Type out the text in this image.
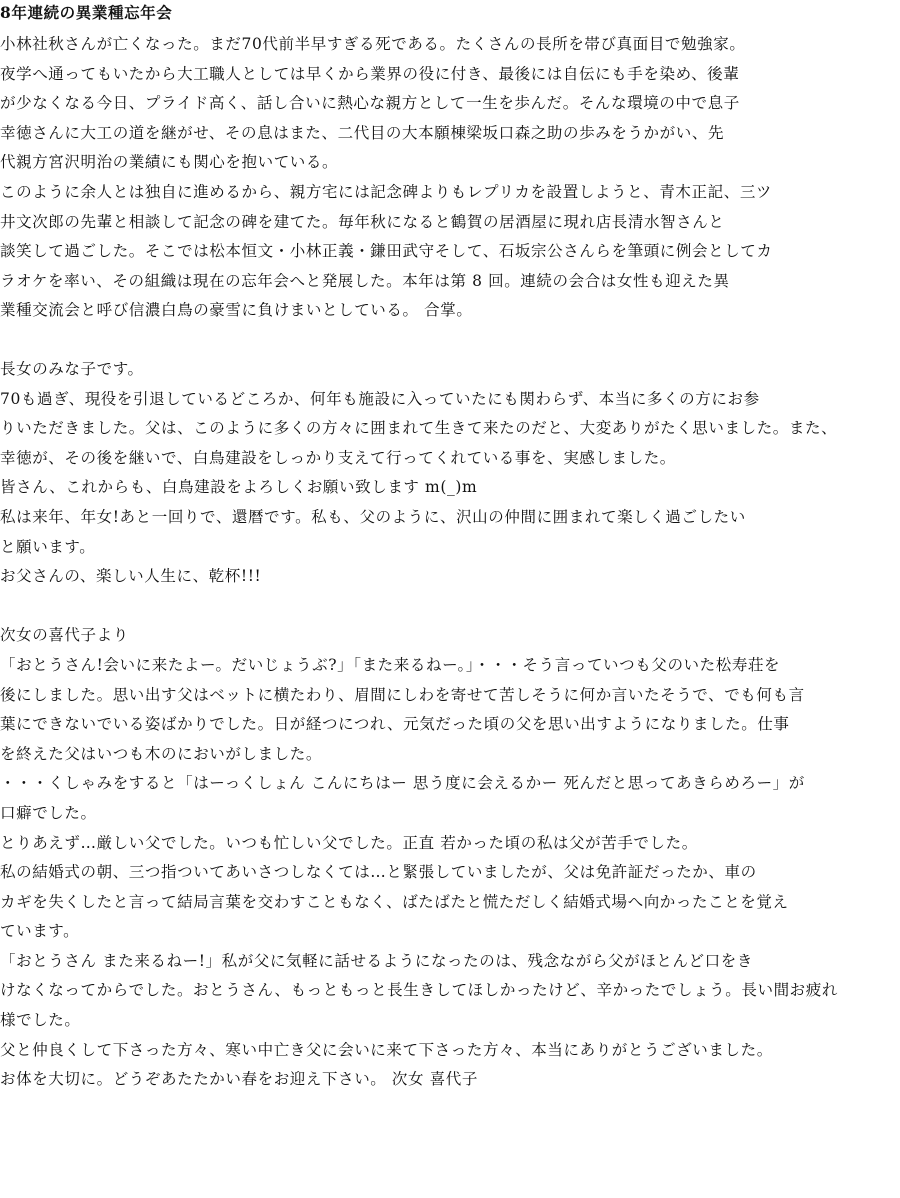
8年連続の異業種忘年会
小林社秋さんが亡くなった。まだ70代前半早すぎる死である。たくさんの長所を帯び真面目で勉強家。
夜学へ通ってもいたから大工職人としては早くから業界の役に付き、最後には自伝にも手を染め、後輩
が少なくなる今日、プライド高く、話し合いに熱心な親方として一生を歩んだ。そんな環境の中で息子
幸徳さんに大工の道を継がせ、その息はまた、二代目の大本願棟梁坂口森之助の歩みをうかがい、先
代親方宮沢明治の業績にも関心を抱いている。
このように余人とは独自に進めるから、親方宅には記念碑よりもレプリカを設置しようと、青木正記、三ツ
井文次郎の先輩と相談して記念の碑を建てた。毎年秋になると鶴賀の居酒屋に現れ店長清水智さんと
談笑して過ごした。そこでは松本恒文・小林正義・鎌田武守そして、石坂宗公さんらを筆頭に例会としてカ
ラオケを率い、その組織は現在の忘年会へと発展した。本年は第 8 回。連続の会合は女性も迎えた異
業種交流会と呼び信濃白鳥の豪雪に負けまいとしている。 合掌。
長女のみな子です。
70も過ぎ、現役を引退しているどころか、何年も施設に入っていたにも関わらず、本当に多くの方にお参
りいただきました。父は、このように多くの方々に囲まれて生きて来たのだと、大変ありがたく思いました。また、
幸徳が、その後を継いで、白鳥建設をしっかり支えて行ってくれている事を、実感しました。
皆さん、これからも、白鳥建設をよろしくお願い致します m(_)m
私は来年、年女!あと一回りで、還暦です。私も、父のように、沢山の仲間に囲まれて楽しく過ごしたい
と願います。
お父さんの、楽しい人生に、乾杯!!!
次女の喜代子より
「おとうさん!会いに来たよー。だいじょうぶ?」「また来るねー。」・・・そう言っていつも父のいた松寿荘を
後にしました。思い出す父はベットに横たわり、眉間にしわを寄せて苦しそうに何か言いたそうで、でも何も言
葉にできないでいる姿ばかりでした。日が経つにつれ、元気だった頃の父を思い出すようになりました。仕事
を終えた父はいつも木のにおいがしました。
・・・くしゃみをすると「はーっくしょん こんにちはー 思う度に会えるかー 死んだと思ってあきらめろー」が
口癖でした。
とりあえず…厳しい父でした。いつも忙しい父でした。正直 若かった頃の私は父が苦手でした。
私の結婚式の朝、三つ指ついてあいさつしなくては…と緊張していましたが、父は免許証だったか、車の
カギを失くしたと言って結局言葉を交わすこともなく、ばたばたと慌ただしく結婚式場へ向かったことを覚え
ています。
「おとうさん また来るねー!」私が父に気軽に話せるようになったのは、残念ながら父がほとんど口をき
けなくなってからでした。おとうさん、もっともっと長生きしてほしかったけど、辛かったでしょう。長い間お疲れ
様でした。
父と仲良くして下さった方々、寒い中亡き父に会いに来て下さった方々、本当にありがとうございました。
お体を大切に。どうぞあたたかい春をお迎え下さい。 次女 喜代子
